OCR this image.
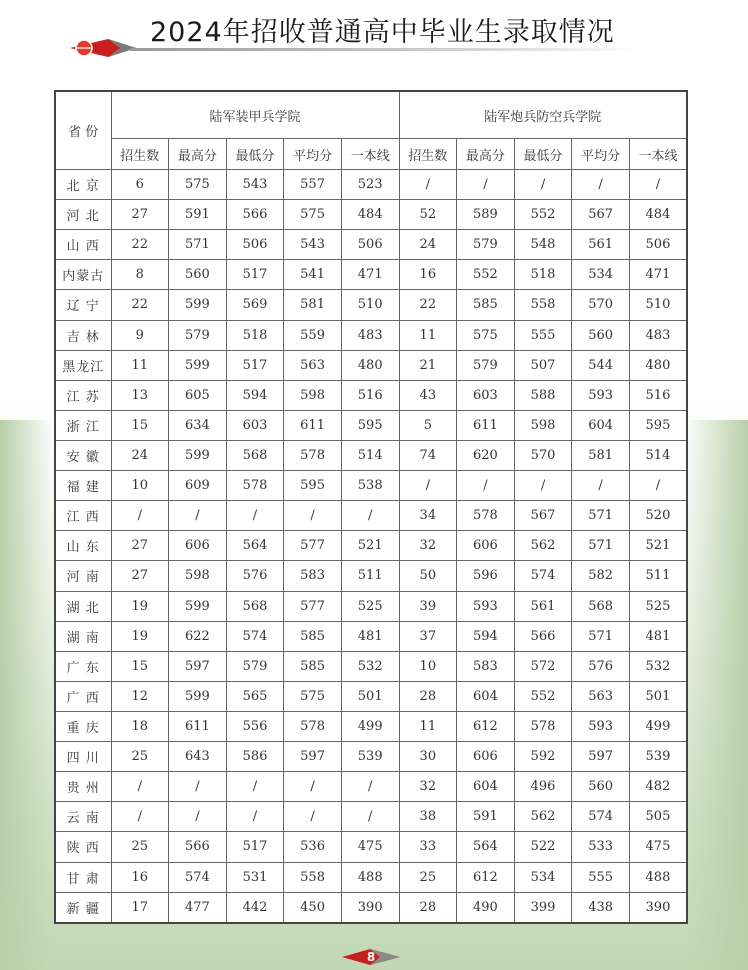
2024年招收普通高中毕业生录取情况
省 份	陆军装甲兵学院					陆军炮兵防空兵学院				
	招生数	最高分	最低分	平均分	一本线	招生数	最高分	最低分	平均分	一本线
北 京	6	575	543	557	523	/	/	/	/	/
河 北	27	591	566	575	484	52	589	552	567	484
山 西	22	571	506	543	506	24	579	548	561	506
内蒙古	8	560	517	541	471	16	552	518	534	471
辽 宁	22	599	569	581	510	22	585	558	570	510
吉 林	9	579	518	559	483	11	575	555	560	483
黑龙江	11	599	517	563	480	21	579	507	544	480
江 苏	13	605	594	598	516	43	603	588	593	516
浙 江	15	634	603	611	595	5	611	598	604	595
安 徽	24	599	568	578	514	74	620	570	581	514
福 建	10	609	578	595	538	/	/	/	/	/
江 西	/	/	/	/	/	34	578	567	571	520
山 东	27	606	564	577	521	32	606	562	571	521
河 南	27	598	576	583	511	50	596	574	582	511
湖 北	19	599	568	577	525	39	593	561	568	525
湖 南	19	622	574	585	481	37	594	566	571	481
广 东	15	597	579	585	532	10	583	572	576	532
广 西	12	599	565	575	501	28	604	552	563	501
重 庆	18	611	556	578	499	11	612	578	593	499
四 川	25	643	586	597	539	30	606	592	597	539
贵 州	/	/	/	/	/	32	604	496	560	482
云 南	/	/	/	/	/	38	591	562	574	505
陕 西	25	566	517	536	475	33	564	522	533	475
甘 肃	16	574	531	558	488	25	612	534	555	488
新 疆	17	477	442	450	390	28	490	399	438	390
8
